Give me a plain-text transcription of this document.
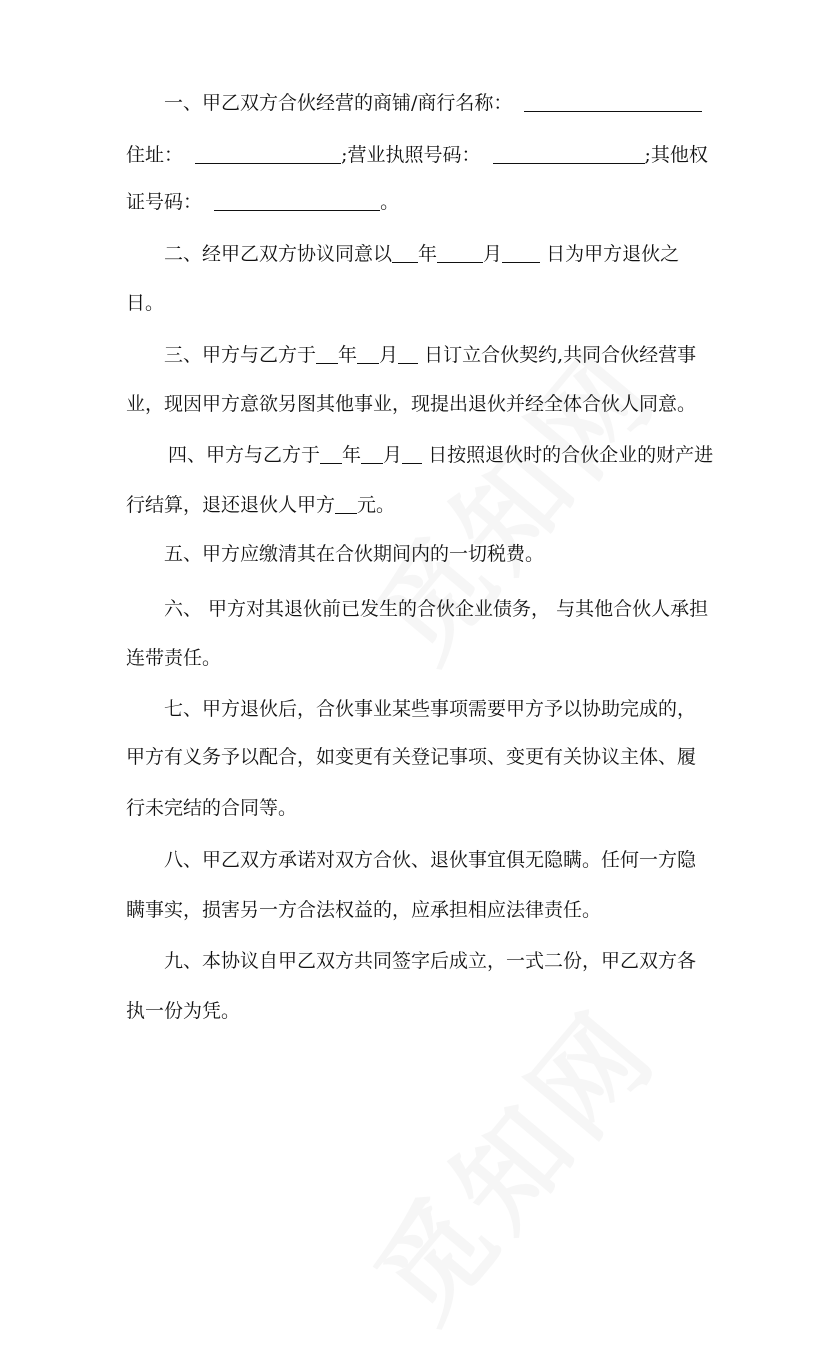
一、甲乙双方合伙经营的商铺/商行名称：
住址：	;营业执照号码：	;其他权
证号码：	。
二、经甲乙双方协议同意以 年 月 日为甲方退伙之
日。
三、甲方与乙方于 年 月 日订立合伙契约,共同合伙经营事
业，现因甲方意欲另图其他事业，现提出退伙并经全体合伙人同意。
四、甲方与乙方于 年 月 日按照退伙时的合伙企业的财产进
行结算，退还退伙人甲方 元。
五、甲方应缴清其在合伙期间内的一切税费。
六、 甲方对其退伙前已发生的合伙企业债务， 与其他合伙人承担
连带责任。
七、甲方退伙后，合伙事业某些事项需要甲方予以协助完成的，
甲方有义务予以配合，如变更有关登记事项、变更有关协议主体、履
行未完结的合同等。
八、甲乙双方承诺对双方合伙、退伙事宜俱无隐瞒。任何一方隐
瞒事实，损害另一方合法权益的，应承担相应法律责任。
九、本协议自甲乙双方共同签字后成立，一式二份，甲乙双方各
执一份为凭。
